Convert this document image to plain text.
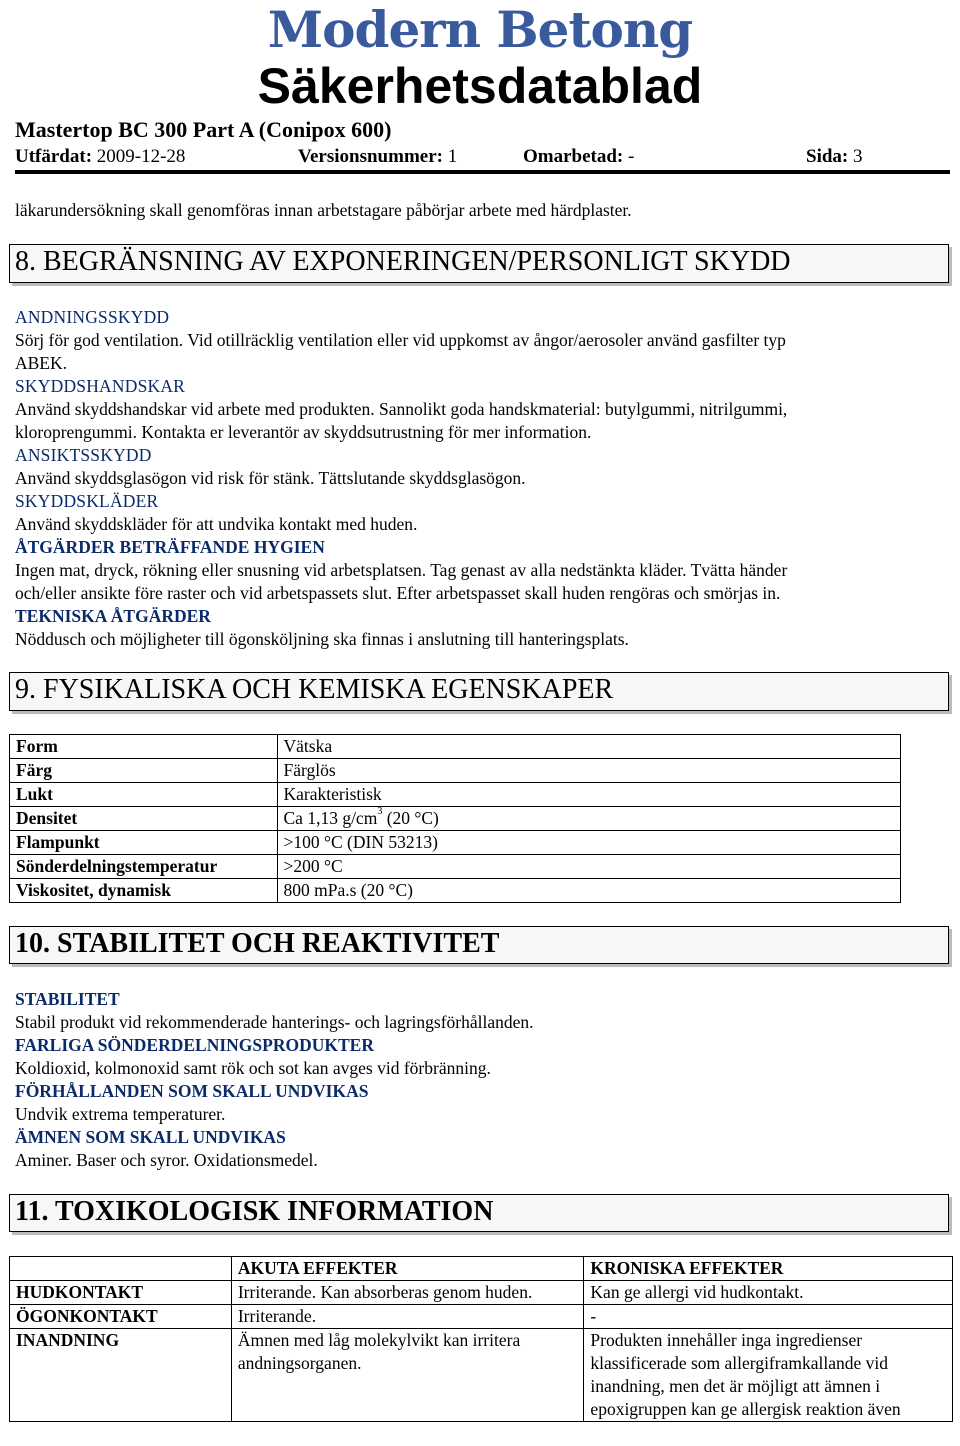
Modern Betong
Säkerhetsdatablad
Mastertop BC 300 Part A (Conipox 600)
Utfärdat: 2009-12-28	Versionsnummer: 1	Omarbetad: -	Sida: 3
läkarundersökning skall genomföras innan arbetstagare påbörjar arbete med härdplaster.
8. BEGRÄNSNING AV EXPONERINGEN/PERSONLIGT SKYDD
ANDNINGSSKYDD
Sörj för god ventilation. Vid otillräcklig ventilation eller vid uppkomst av ångor/aerosoler använd gasfilter typ
ABEK.
SKYDDSHANDSKAR
Använd skyddshandskar vid arbete med produkten. Sannolikt goda handskmaterial: butylgummi, nitrilgummi,
kloroprengummi. Kontakta er leverantör av skyddsutrustning för mer information.
ANSIKTSSKYDD
Använd skyddsglasögon vid risk för stänk. Tättslutande skyddsglasögon.
SKYDDSKLÄDER
Använd skyddskläder för att undvika kontakt med huden.
ÅTGÄRDER BETRÄFFANDE HYGIEN
Ingen mat, dryck, rökning eller snusning vid arbetsplatsen. Tag genast av alla nedstänkta kläder. Tvätta händer
och/eller ansikte före raster och vid arbetspassets slut. Efter arbetspasset skall huden rengöras och smörjas in.
TEKNISKA ÅTGÄRDER
Nöddusch och möjligheter till ögonsköljning ska finnas i anslutning till hanteringsplats.
9. FYSIKALISKA OCH KEMISKA EGENSKAPER
Form	Vätska
Färg	Färglös
Lukt	Karakteristisk
Densitet	Ca 1,13 $g/cm^3$ (20 °C)
Flampunkt	>100 °C (DIN 53213)
Sönderdelningstemperatur	>200 °C
Viskositet, dynamisk	800 mPa.s (20 °C)
10. STABILITET OCH REAKTIVITET
STABILITET
Stabil produkt vid rekommenderade hanterings- och lagringsförhållanden.
FARLIGA SÖNDERDELNINGSPRODUKTER
Koldioxid, kolmonoxid samt rök och sot kan avges vid förbränning.
FÖRHÅLLANDEN SOM SKALL UNDVIKAS
Undvik extrema temperaturer.
ÄMNEN SOM SKALL UNDVIKAS
Aminer. Baser och syror. Oxidationsmedel.
11. TOXIKOLOGISK INFORMATION
	AKUTA EFFEKTER	KRONISKA EFFEKTER
HUDKONTAKT	Irriterande. Kan absorberas genom huden.	Kan ge allergi vid hudkontakt.
ÖGONKONTAKT	Irriterande.	-
INANDNING	Ämnen med låg molekylvikt kan irritera andningsorganen.	Produkten innehåller inga ingredienser klassificerade som allergiframkallande vid inandning, men det är möjligt att ämnen i epoxigruppen kan ge allergisk reaktion även
